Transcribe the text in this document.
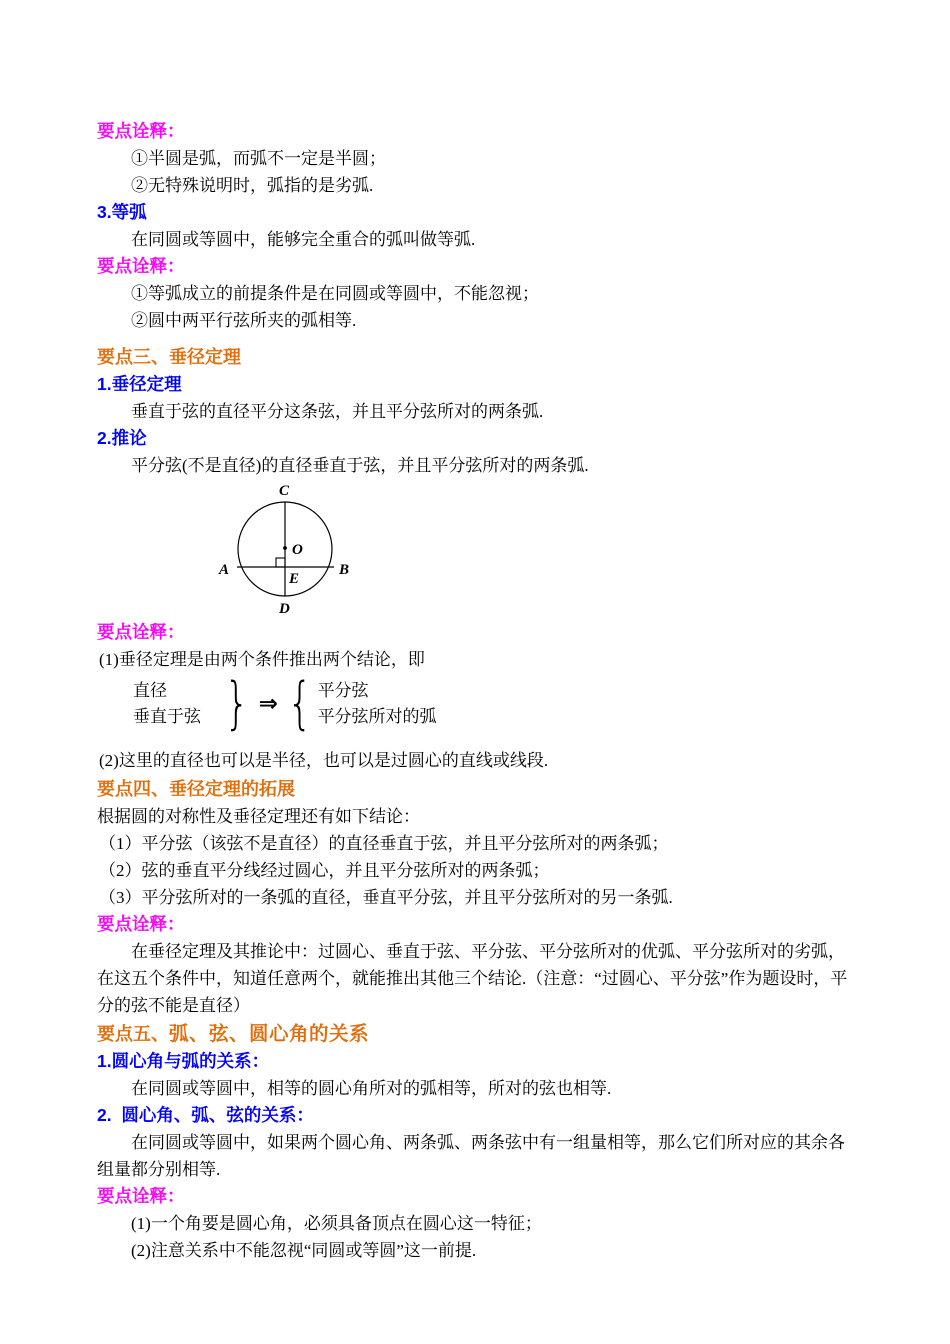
要点诠释：

①半圆是弧，而弧不一定是半圆；

②无特殊说明时，弧指的是劣弧.

3.等弧

在同圆或等圆中，能够完全重合的弧叫做等弧.

要点诠释：

①等弧成立的前提条件是在同圆或等圆中，不能忽视；

②圆中两平行弦所夹的弧相等.

要点三、垂径定理

1.垂径定理

垂直于弦的直径平分这条弦，并且平分弦所对的两条弧.

2.推论

平分弦(不是直径)的直径垂直于弦，并且平分弦所对的两条弧.

C
O
A	B
E
D

要点诠释：

(1)垂径定理是由两个条件推出两个结论，即

直径
垂直于弦 } ⇒ { 平分弦
平分弦所对的弧

(2)这里的直径也可以是半径，也可以是过圆心的直线或线段.

要点四、垂径定理的拓展

根据圆的对称性及垂径定理还有如下结论：

（1）平分弦（该弦不是直径）的直径垂直于弦，并且平分弦所对的两条弧；

（2）弦的垂直平分线经过圆心，并且平分弦所对的两条弧；

（3）平分弦所对的一条弧的直径，垂直平分弦，并且平分弦所对的另一条弧.

要点诠释：

在垂径定理及其推论中：过圆心、垂直于弦、平分弦、平分弦所对的优弧、平分弦所对的劣弧，在这五个条件中，知道任意两个，就能推出其他三个结论.（注意：“过圆心、平分弦”作为题设时，平分的弦不能是直径）

要点五、弧、弦、圆心角的关系

1.圆心角与弧的关系：

在同圆或等圆中，相等的圆心角所对的弧相等，所对的弦也相等.

2.  圆心角、弧、弦的关系：

在同圆或等圆中，如果两个圆心角、两条弧、两条弦中有一组量相等，那么它们所对应的其余各组量都分别相等.

要点诠释：

(1)一个角要是圆心角，必须具备顶点在圆心这一特征；

(2)注意关系中不能忽视“同圆或等圆”这一前提.
